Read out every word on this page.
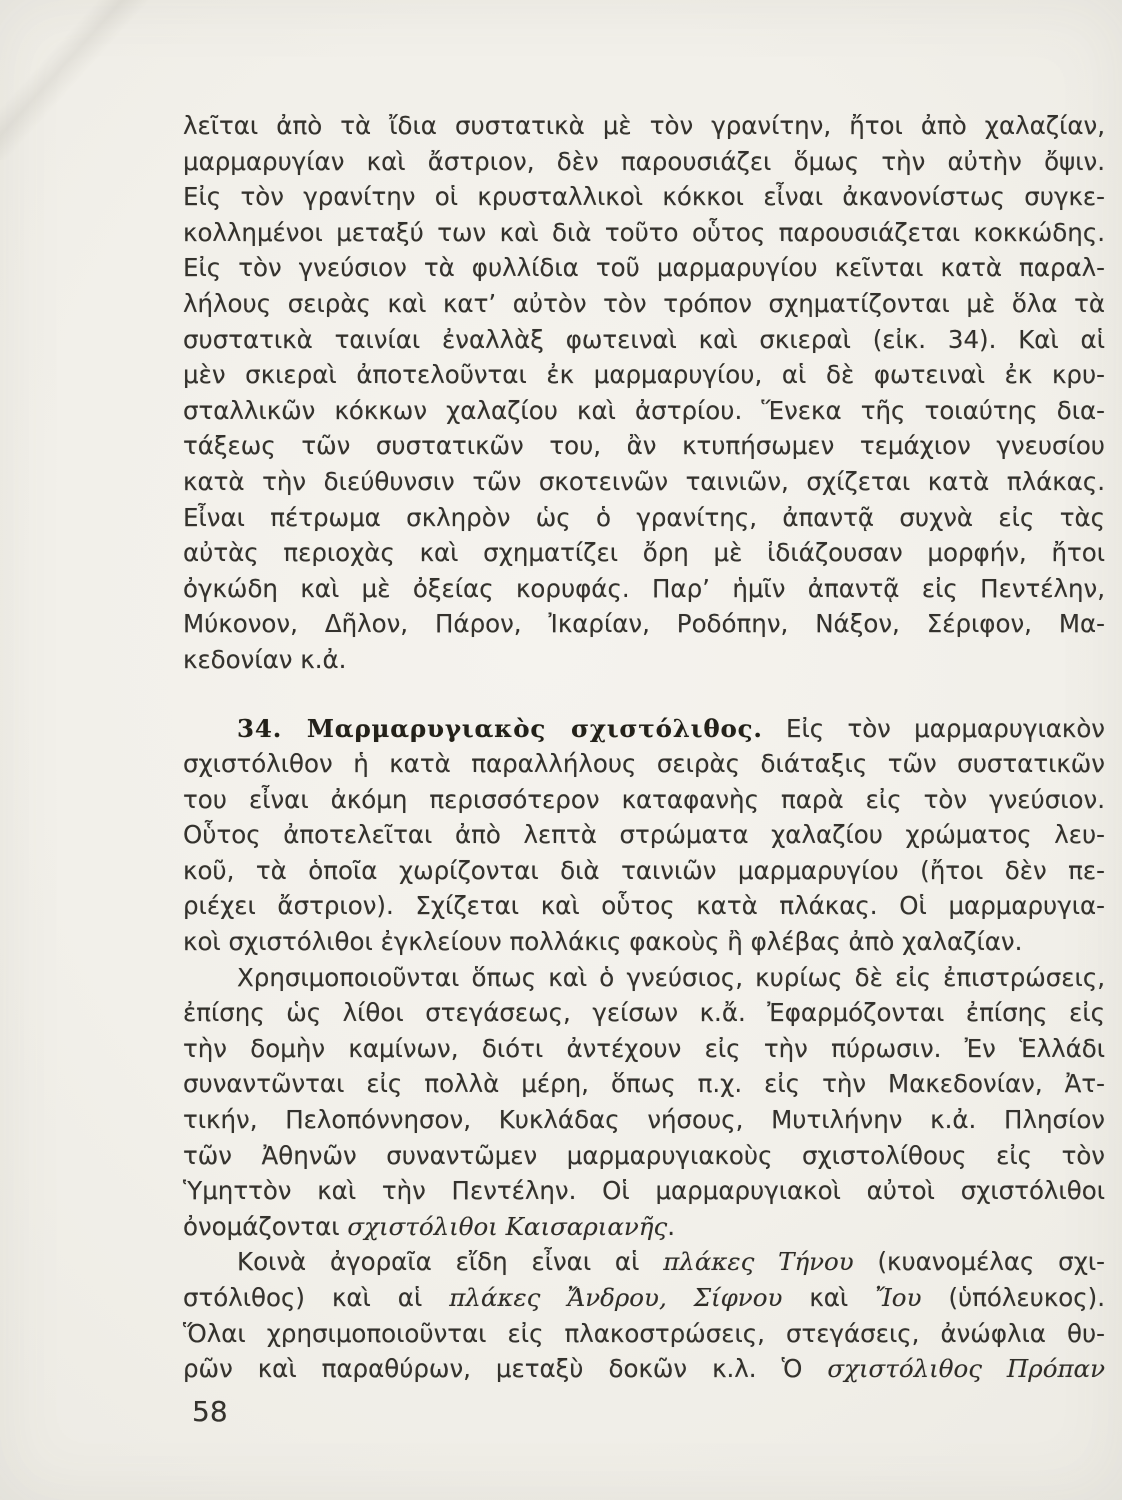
λεῖται ἀπὸ τὰ ἴδια συστατικὰ μὲ τὸν γρανίτην, ἤτοι ἀπὸ χαλαζίαν,
μαρμαρυγίαν καὶ ἄστριον, δὲν παρουσιάζει ὅμως τὴν αὐτὴν ὄψιν.
Εἰς τὸν γρανίτην οἱ κρυσταλλικοὶ κόκκοι εἶναι ἀκανονίστως συγκε-
κολλημένοι μεταξύ των καὶ διὰ τοῦτο οὗτος παρουσιάζεται κοκκώδης.
Εἰς τὸν γνεύσιον τὰ φυλλίδια τοῦ μαρμαρυγίου κεῖνται κατὰ παραλ-
λήλους σειρὰς καὶ κατ’ αὐτὸν τὸν τρόπον σχηματίζονται μὲ ὅλα τὰ
συστατικὰ ταινίαι ἐναλλὰξ φωτειναὶ καὶ σκιεραὶ (εἰκ. 34). Καὶ αἱ
μὲν σκιεραὶ ἀποτελοῦνται ἐκ μαρμαρυγίου, αἱ δὲ φωτειναὶ ἐκ κρυ-
σταλλικῶν κόκκων χαλαζίου καὶ ἀστρίου. Ἕνεκα τῆς τοιαύτης δια-
τάξεως τῶν συστατικῶν του, ἂν κτυπήσωμεν τεμάχιον γνευσίου
κατὰ τὴν διεύθυνσιν τῶν σκοτεινῶν ταινιῶν, σχίζεται κατὰ πλάκας.
Εἶναι πέτρωμα σκληρὸν ὡς ὁ γρανίτης, ἀπαντᾷ συχνὰ εἰς τὰς
αὐτὰς περιοχὰς καὶ σχηματίζει ὄρη μὲ ἰδιάζουσαν μορφήν, ἤτοι
ὀγκώδη καὶ μὲ ὀξείας κορυφάς. Παρ’ ἡμῖν ἀπαντᾷ εἰς Πεντέλην,
Μύκονον, Δῆλον, Πάρον, Ἰκαρίαν, Ροδόπην, Νάξον, Σέριφον, Μα-
κεδονίαν κ.ἀ.
34. Μαρμαρυγιακὸς σχιστόλιθος. Εἰς τὸν μαρμαρυγιακὸν
σχιστόλιθον ἡ κατὰ παραλλήλους σειρὰς διάταξις τῶν συστατικῶν
του εἶναι ἀκόμη περισσότερον καταφανὴς παρὰ εἰς τὸν γνεύσιον.
Οὗτος ἀποτελεῖται ἀπὸ λεπτὰ στρώματα χαλαζίου χρώματος λευ-
κοῦ, τὰ ὁποῖα χωρίζονται διὰ ταινιῶν μαρμαρυγίου (ἤτοι δὲν πε-
ριέχει ἄστριον). Σχίζεται καὶ οὗτος κατὰ πλάκας. Οἱ μαρμαρυγια-
κοὶ σχιστόλιθοι ἐγκλείουν πολλάκις φακοὺς ἢ φλέβας ἀπὸ χαλαζίαν.
Χρησιμοποιοῦνται ὅπως καὶ ὁ γνεύσιος, κυρίως δὲ εἰς ἐπιστρώσεις,
ἐπίσης ὡς λίθοι στεγάσεως, γείσων κ.ἄ. Ἐφαρμόζονται ἐπίσης εἰς
τὴν δομὴν καμίνων, διότι ἀντέχουν εἰς τὴν πύρωσιν. Ἐν Ἑλλάδι
συναντῶνται εἰς πολλὰ μέρη, ὅπως π.χ. εἰς τὴν Μακεδονίαν, Ἀτ-
τικήν, Πελοπόννησον, Κυκλάδας νήσους, Μυτιλήνην κ.ἀ. Πλησίον
τῶν Ἀθηνῶν συναντῶμεν μαρμαρυγιακοὺς σχιστολίθους εἰς τὸν
Ὑμηττὸν καὶ τὴν Πεντέλην. Οἱ μαρμαρυγιακοὶ αὐτοὶ σχιστόλιθοι
ὀνομάζονται σχιστόλιθοι Καισαριανῆς.
Κοινὰ ἀγοραῖα εἴδη εἶναι αἱ πλάκες Τήνου (κυανομέλας σχι-
στόλιθος) καὶ αἱ πλάκες Ἄνδρου, Σίφνου καὶ Ἴου (ὑπόλευκος).
Ὅλαι χρησιμοποιοῦνται εἰς πλακοστρώσεις, στεγάσεις, ἀνώφλια θυ-
ρῶν καὶ παραθύρων, μεταξὺ δοκῶν κ.λ. Ὁ σχιστόλιθος Πρόπαν
58
